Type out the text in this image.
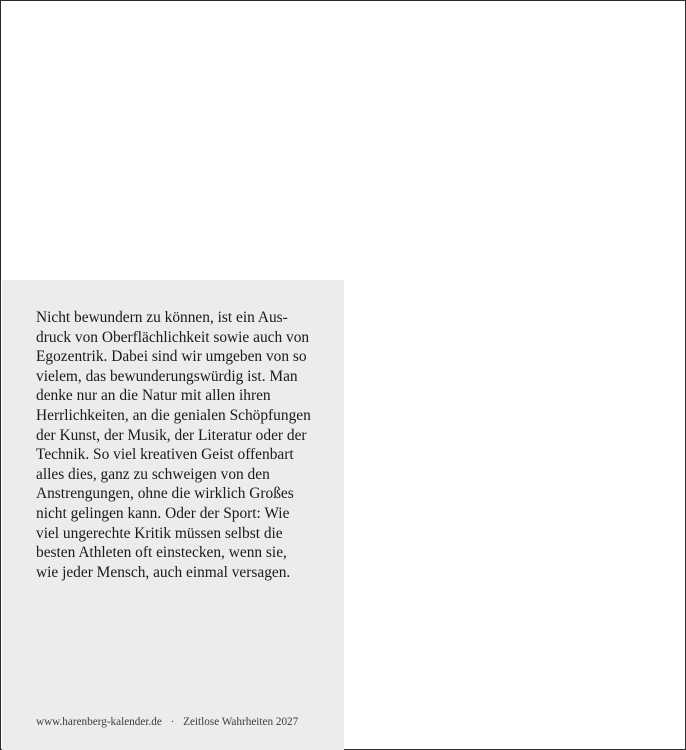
Nicht bewundern zu können, ist ein Aus-
druck von Oberflächlichkeit sowie auch von
Egozentrik. Dabei sind wir umgeben von so
vielem, das bewunderungswürdig ist. Man
denke nur an die Natur mit allen ihren
Herrlichkeiten, an die genialen Schöpfungen
der Kunst, der Musik, der Literatur oder der
Technik. So viel kreativen Geist offenbart
alles dies, ganz zu schweigen von den
Anstrengungen, ohne die wirklich Großes
nicht gelingen kann. Oder der Sport: Wie
viel ungerechte Kritik müssen selbst die
besten Athleten oft einstecken, wenn sie,
wie jeder Mensch, auch einmal versagen.

www.harenberg-kalender.de · Zeitlose Wahrheiten 2027
